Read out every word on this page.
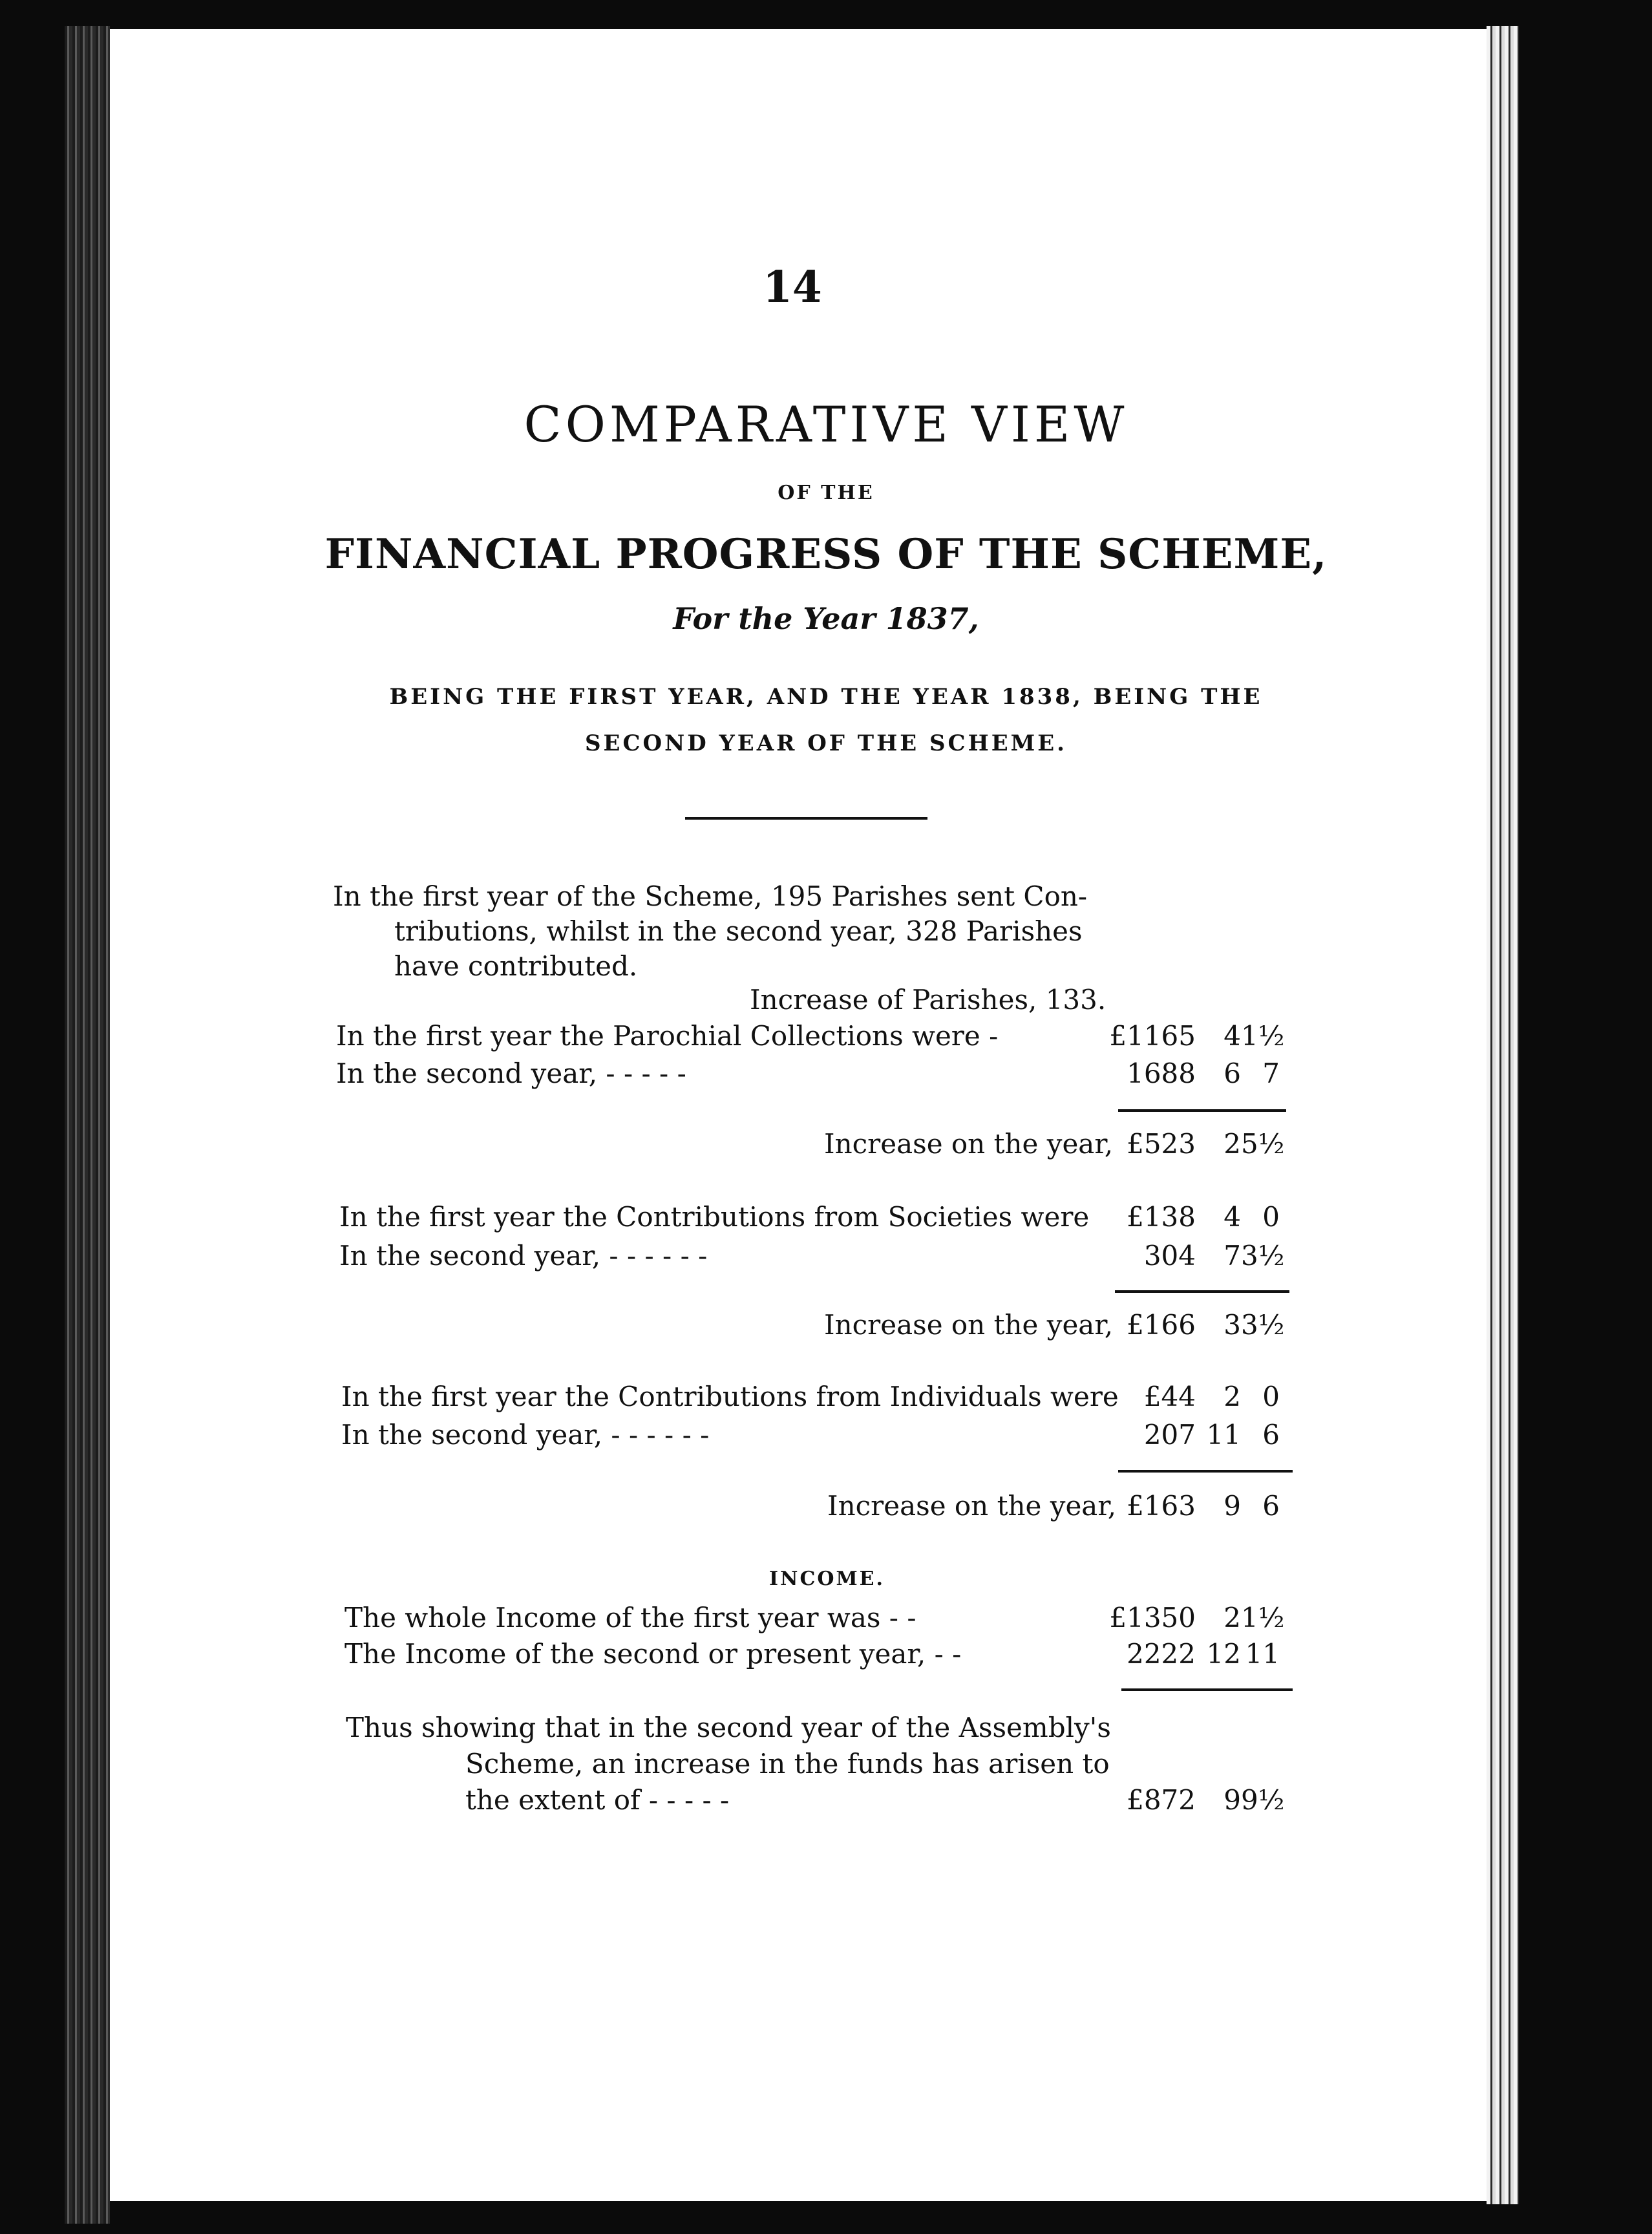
14
COMPARATIVE VIEW
OF THE
FINANCIAL PROGRESS OF THE SCHEME,
For the Year 1837,
BEING THE FIRST YEAR, AND THE YEAR 1838, BEING THE
SECOND YEAR OF THE SCHEME.
In the first year of the Scheme, 195 Parishes sent Con-
tributions, whilst in the second year, 328 Parishes
have contributed.
Increase of Parishes, 133.
In the first year the Parochial Collections were -	£1165	4 1½
In the second year, - - - - -	1688	6 7
Increase on the year, £523	2 5½
In the first year the Contributions from Societies were	£138	4 0
In the second year, - - - - - -	304	7 3½
Increase on the year, £166	3 3½
In the first year the Contributions from Individuals were £44	2 0
In the second year, - - - - - -	207 11 6
Increase on the year, £163	9 6
INCOME.
The whole Income of the first year was - -	£1350	2 1½
The Income of the second or present year, - -	2222 12 11
Thus showing that in the second year of the Assembly's
Scheme, an increase in the funds has arisen to
the extent of - - - - -	£872	9 9½
